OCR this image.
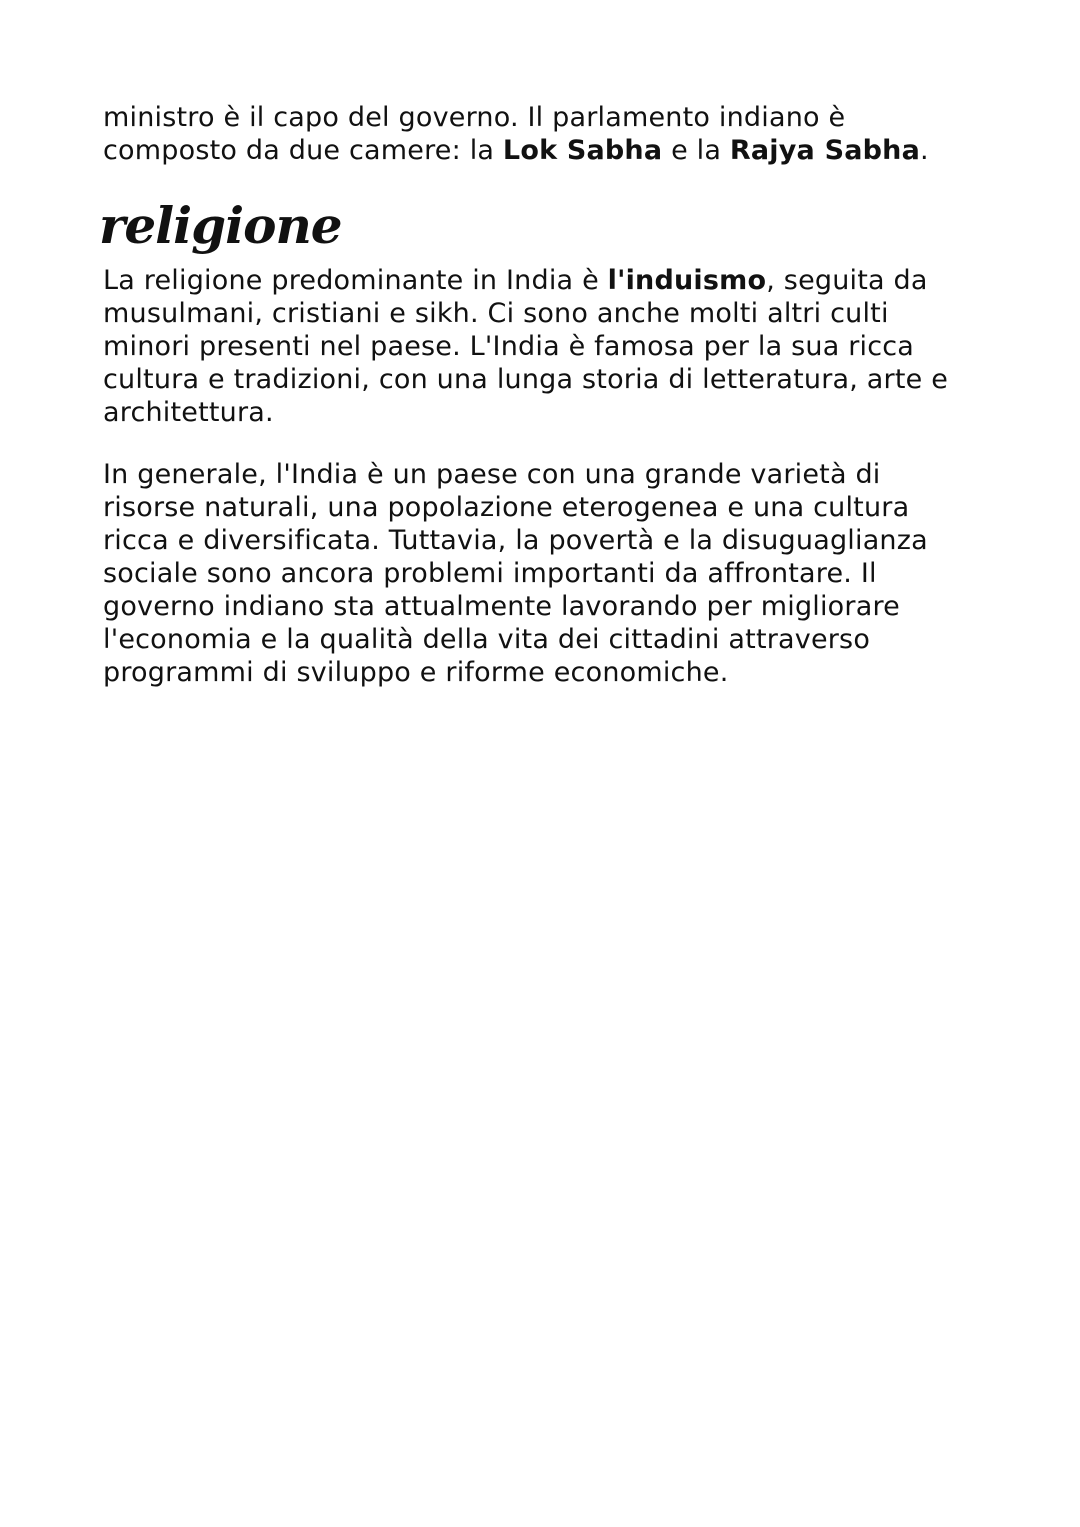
ministro è il capo del governo. Il parlamento indiano è
composto da due camere: la Lok Sabha e la Rajya Sabha.

religione

La religione predominante in India è l'induismo, seguita da
musulmani, cristiani e sikh. Ci sono anche molti altri culti
minori presenti nel paese. L'India è famosa per la sua ricca
cultura e tradizioni, con una lunga storia di letteratura, arte e
architettura.

In generale, l'India è un paese con una grande varietà di
risorse naturali, una popolazione eterogenea e una cultura
ricca e diversificata. Tuttavia, la povertà e la disuguaglianza
sociale sono ancora problemi importanti da affrontare. Il
governo indiano sta attualmente lavorando per migliorare
l'economia e la qualità della vita dei cittadini attraverso
programmi di sviluppo e riforme economiche.
